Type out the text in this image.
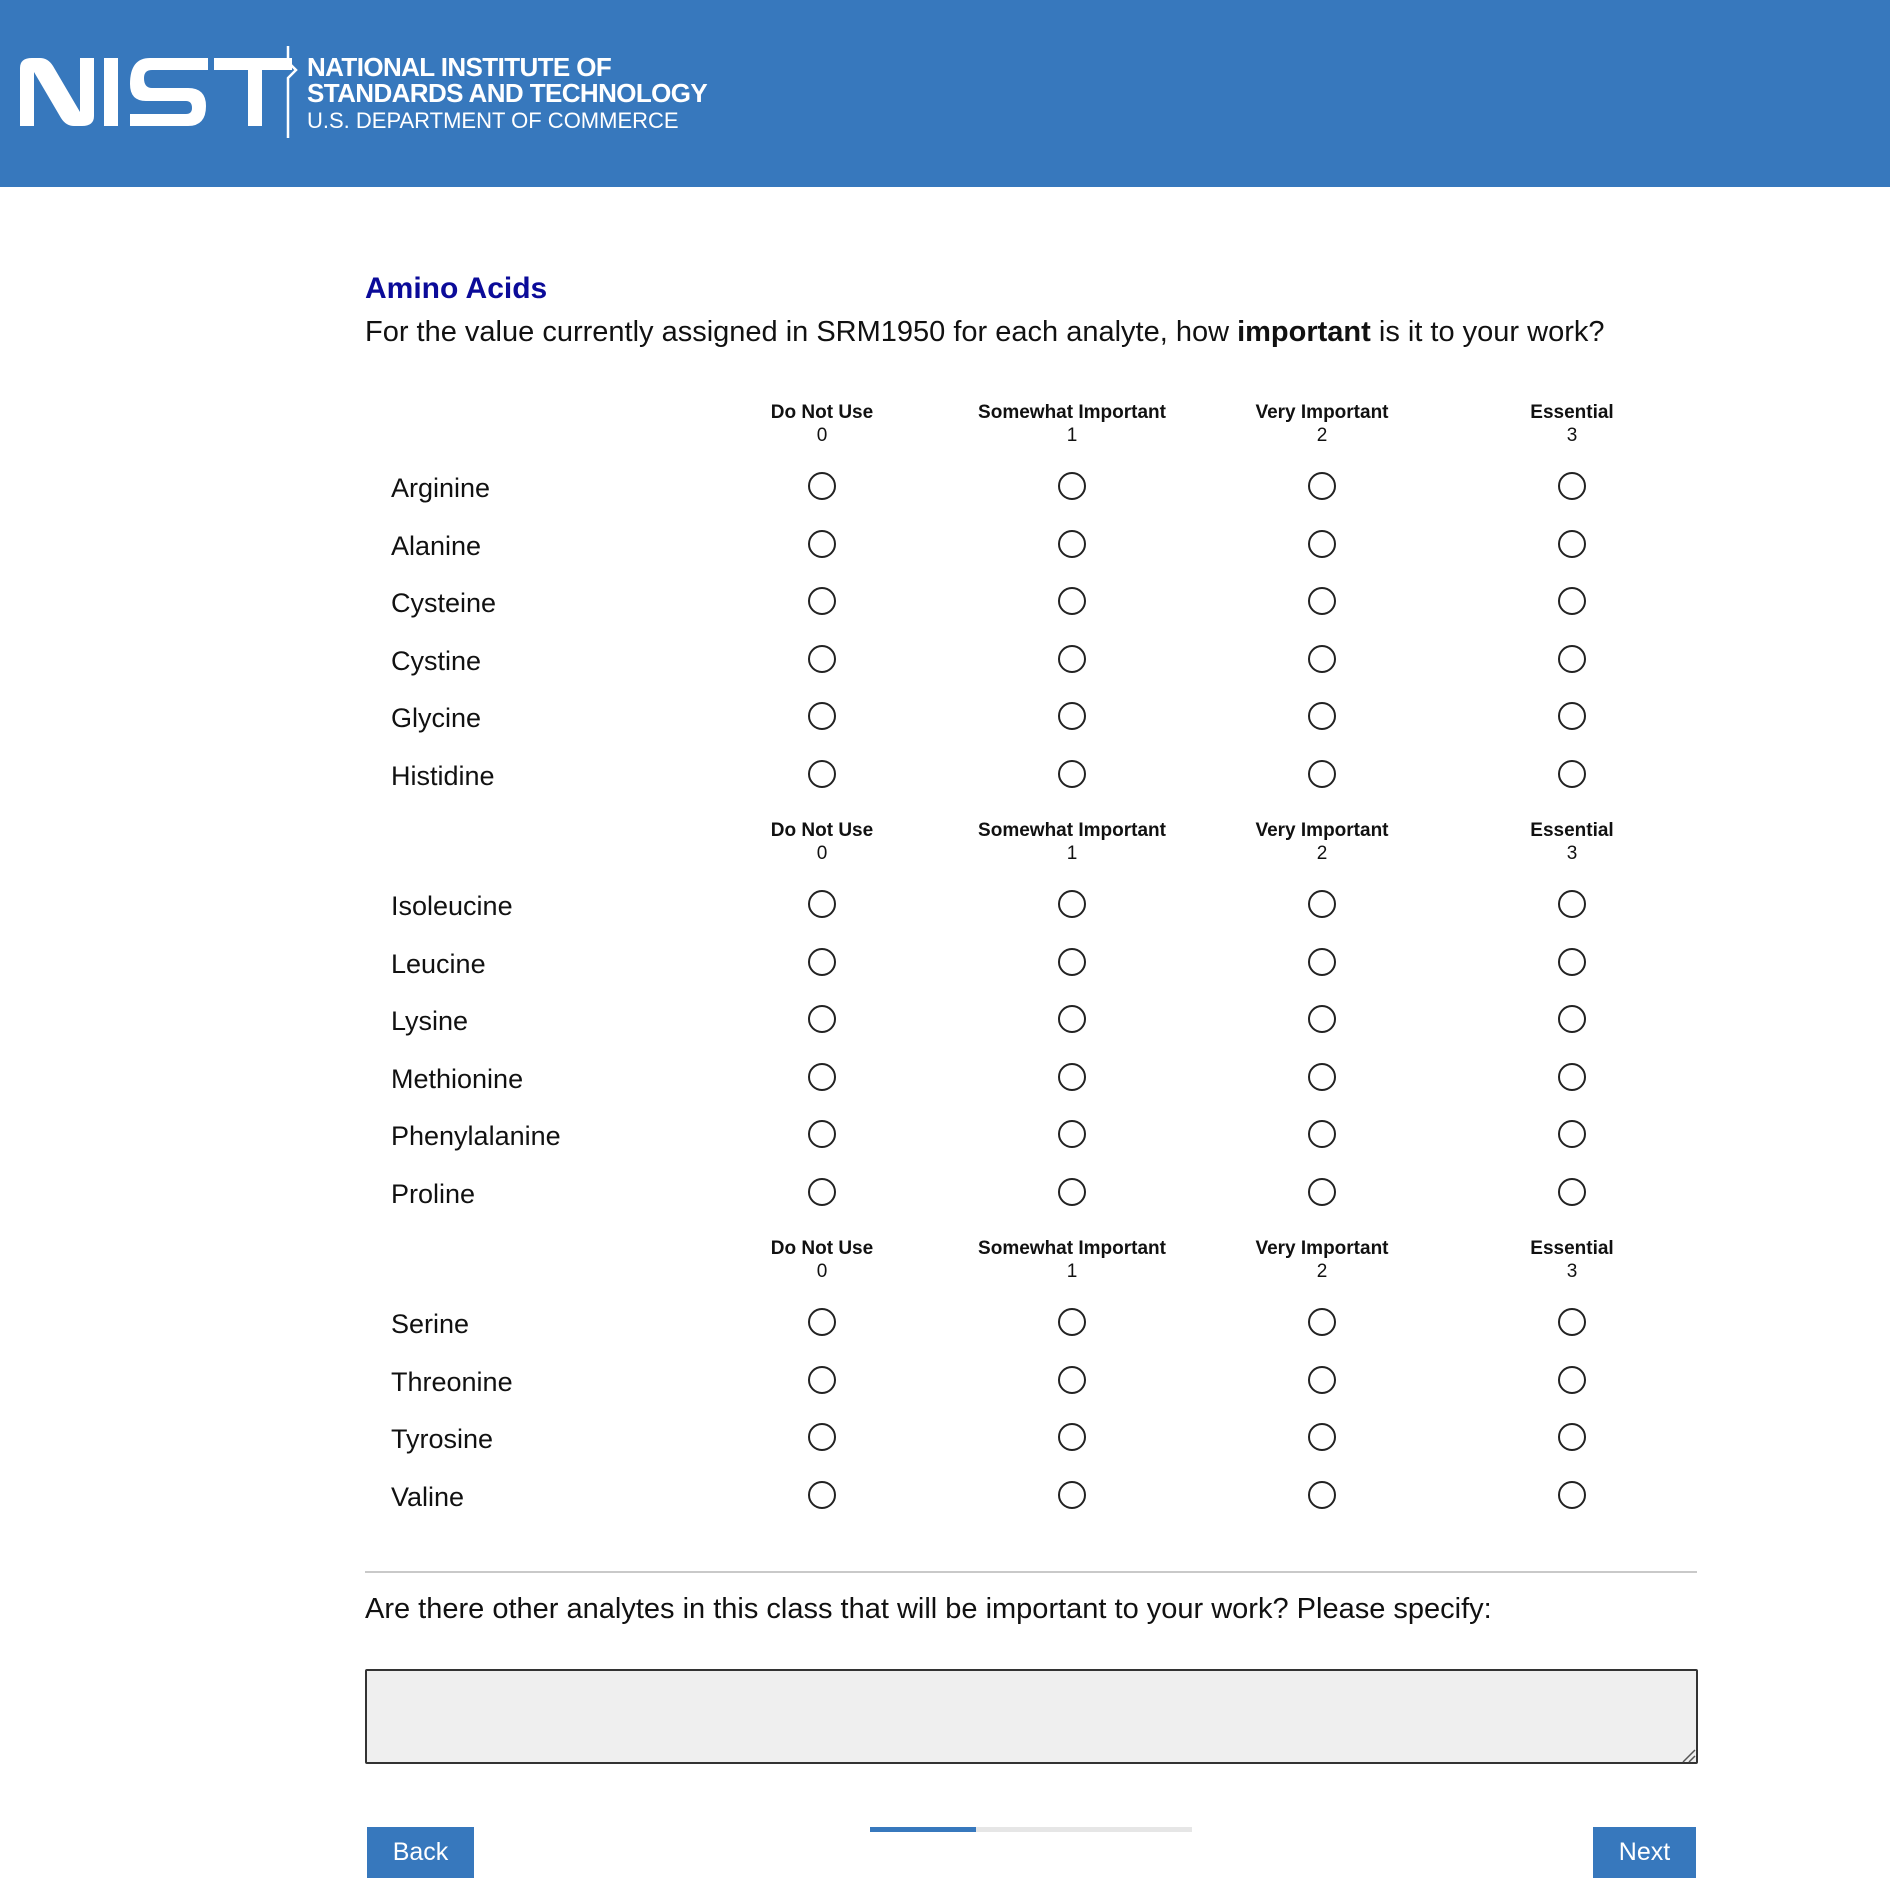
NATIONAL INSTITUTE OF
STANDARDS AND TECHNOLOGY
U.S. DEPARTMENT OF COMMERCE
Amino Acids

For the value currently assigned in SRM1950 for each analyte, how important is it to your work?

Do Not Use
0
Somewhat Important
1
Very Important
2
Essential
3
Arginine
Alanine
Cysteine
Cystine
Glycine
Histidine
Do Not Use
0
Somewhat Important
1
Very Important
2
Essential
3
Isoleucine
Leucine
Lysine
Methionine
Phenylalanine
Proline
Do Not Use
0
Somewhat Important
1
Very Important
2
Essential
3
Serine
Threonine
Tyrosine
Valine

Are there other analytes in this class that will be important to your work? Please specify:

Back	Next
